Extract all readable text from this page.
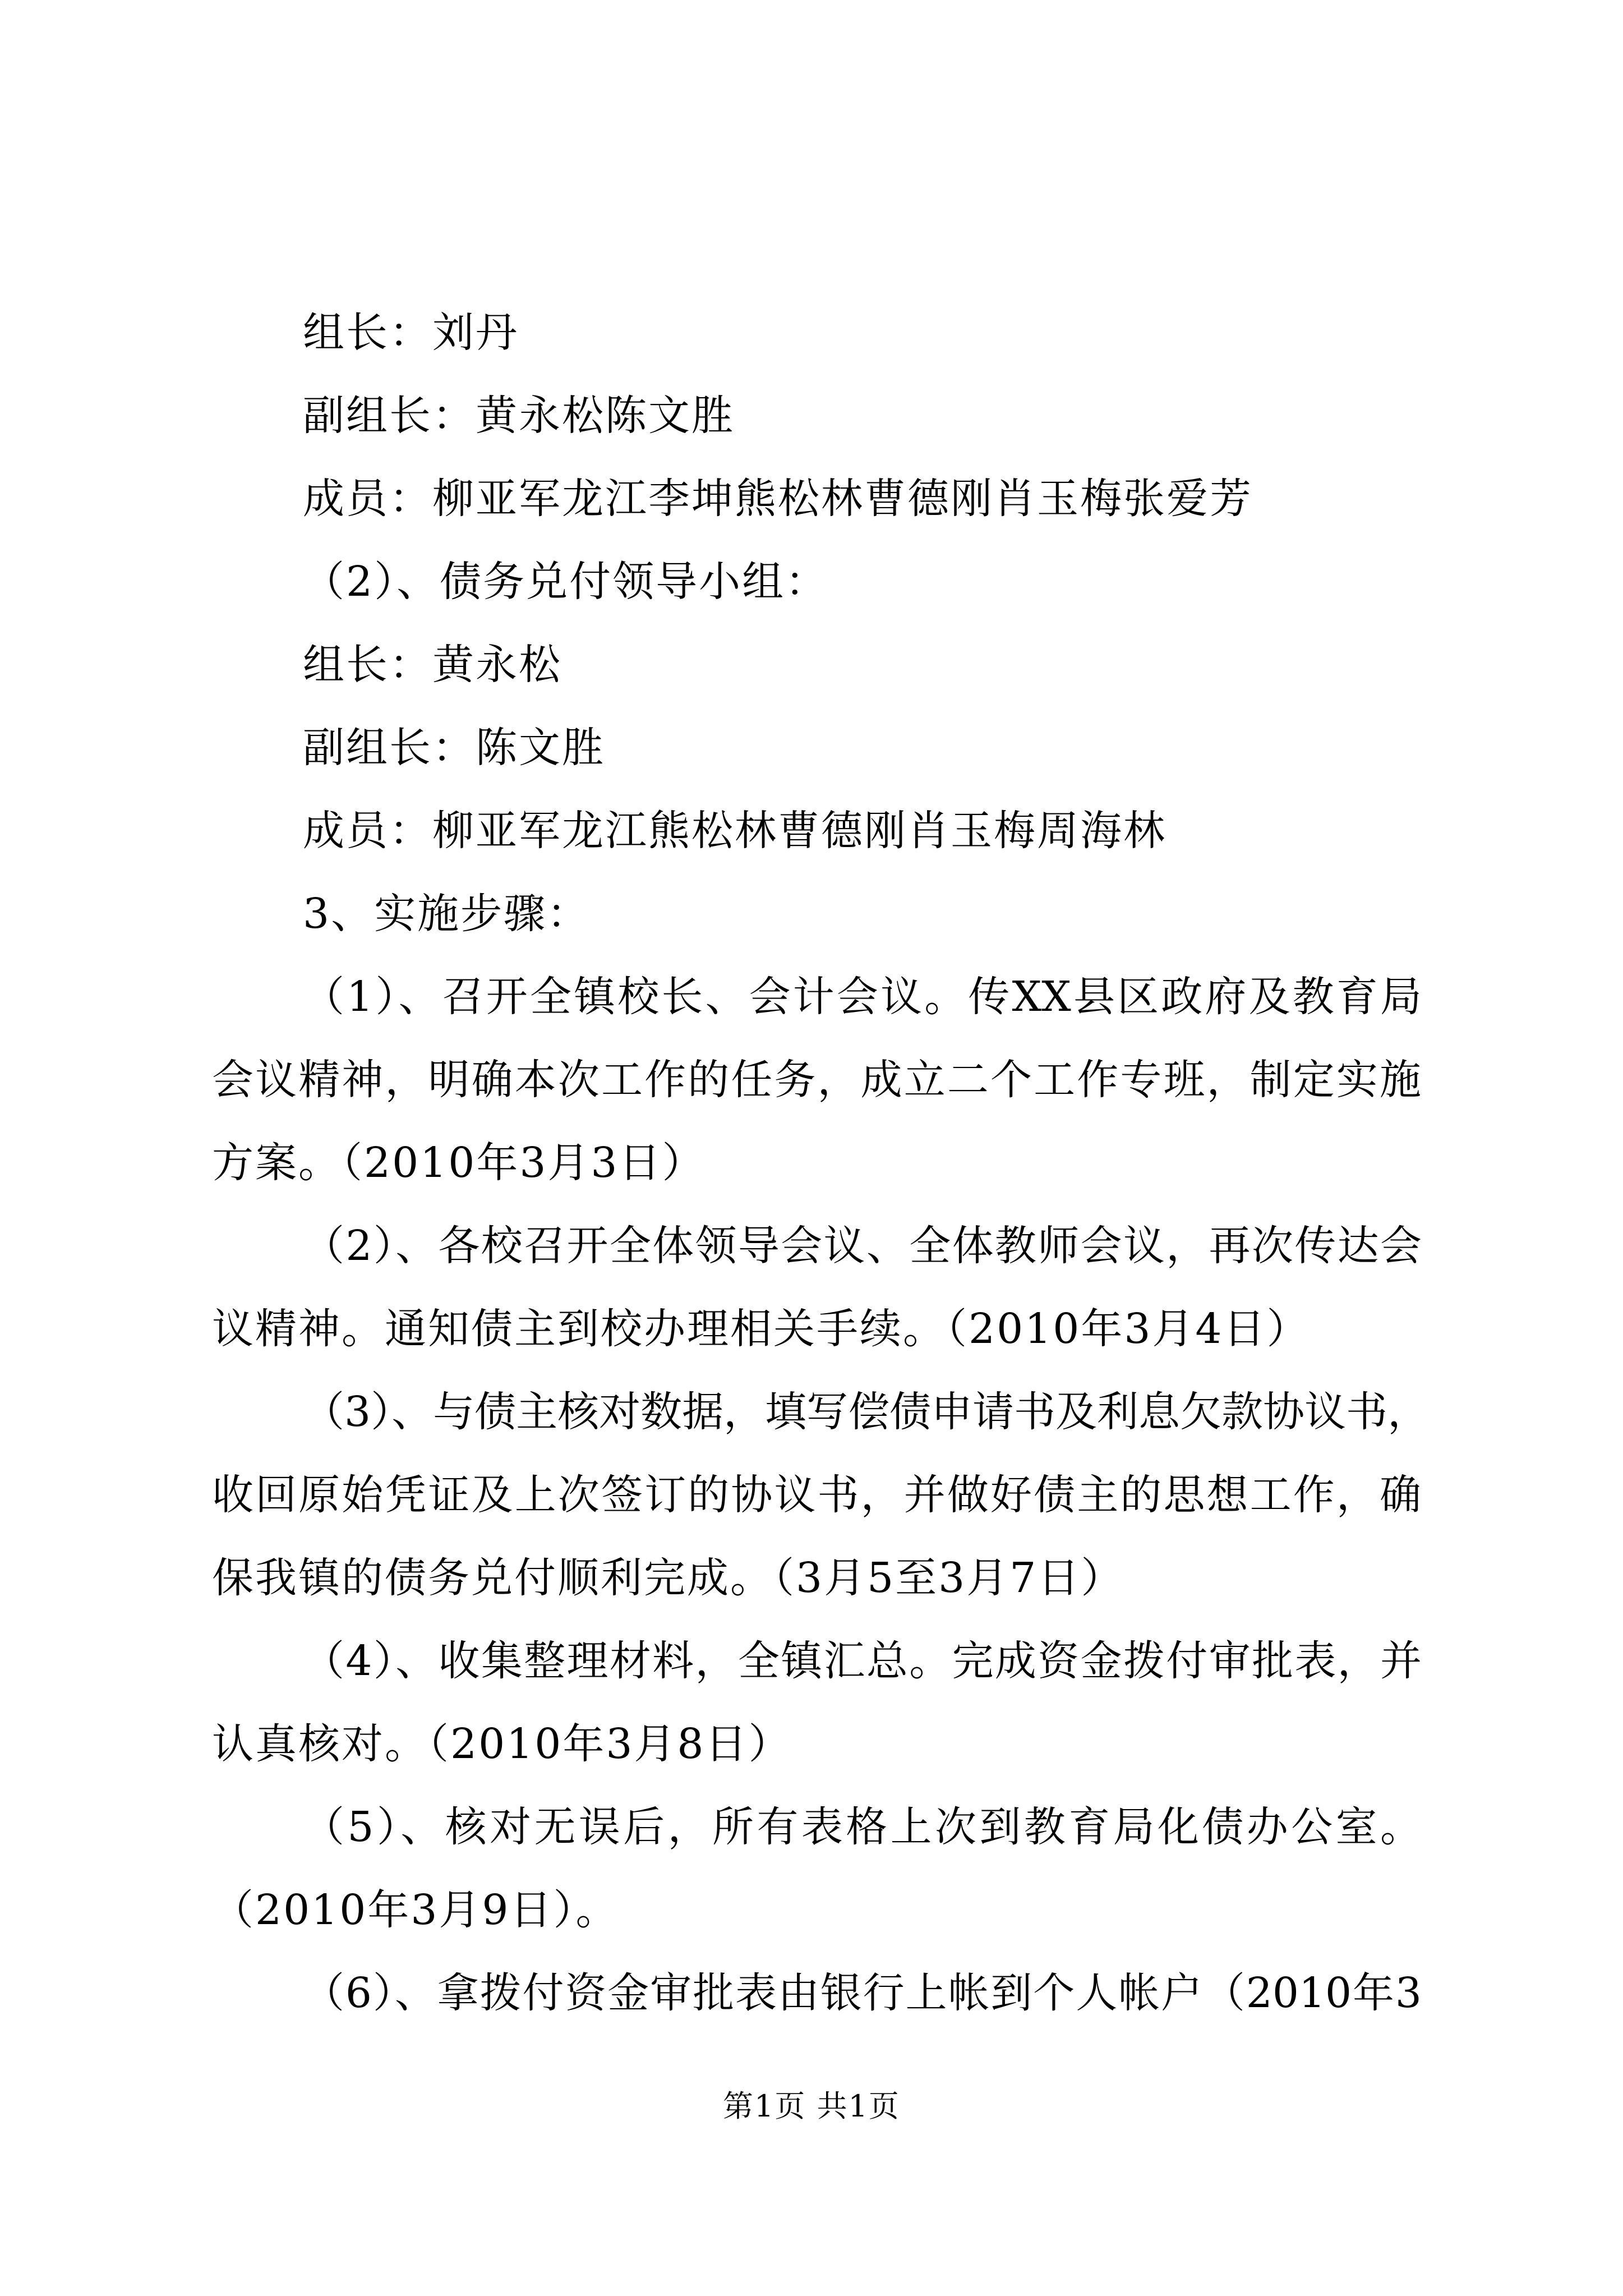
组长：刘丹
副组长：黄永松陈文胜
成员：柳亚军龙江李坤熊松林曹德刚肖玉梅张爱芳
（2）、债务兑付领导小组：
组长：黄永松
副组长：陈文胜
成员：柳亚军龙江熊松林曹德刚肖玉梅周海林
3、实施步骤：
（1）、召开全镇校长、会计会议。传XX县区政府及教育局
会议精神，明确本次工作的任务，成立二个工作专班，制定实施
方案。（2010年3月3日）
（2）、各校召开全体领导会议、全体教师会议，再次传达会
议精神。通知债主到校办理相关手续。（2010年3月4日）
（3）、与债主核对数据，填写偿债申请书及利息欠款协议书，
收回原始凭证及上次签订的协议书，并做好债主的思想工作，确
保我镇的债务兑付顺利完成。（3月5至3月7日）
（4）、收集整理材料，全镇汇总。完成资金拨付审批表，并
认真核对。（2010年3月8日）
（5）、核对无误后，所有表格上次到教育局化债办公室。
（2010年3月9日）。
（6）、拿拨付资金审批表由银行上帐到个人帐户（2010年3
第1页 共1页
